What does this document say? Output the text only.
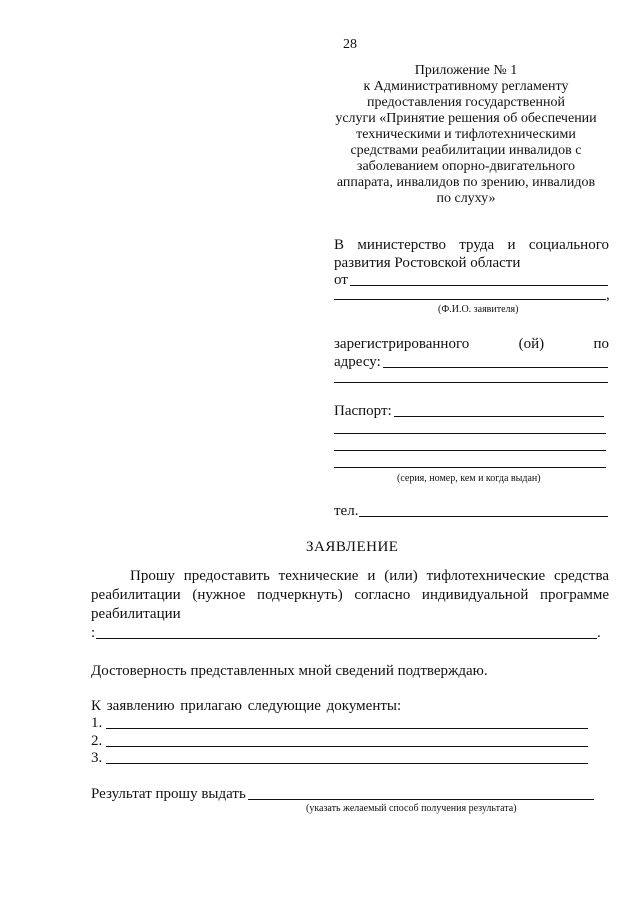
28
Приложение № 1
к Административному регламенту
предоставления государственной
услуги «Принятие решения об обеспечении
техническими и тифлотехническими
средствами реабилитации инвалидов с
заболеванием опорно-двигательного
аппарата, инвалидов по зрению, инвалидов
по слуху»
В министерство труда и социального
развития Ростовской области
от
,
(Ф.И.О. заявителя)
зарегистрированного (ой) по
адресу:
Паспорт:
(серия, номер, кем и когда выдан)
тел.
ЗАЯВЛЕНИЕ
Прошу предоставить технические и (или) тифлотехнические средства
реабилитации (нужное подчеркнуть) согласно индивидуальной программе
реабилитации
:	.
Достоверность представленных мной сведений подтверждаю.
К заявлению прилагаю следующие документы:
1.
2.
3.
Результат прошу выдать
(указать желаемый способ получения результата)
